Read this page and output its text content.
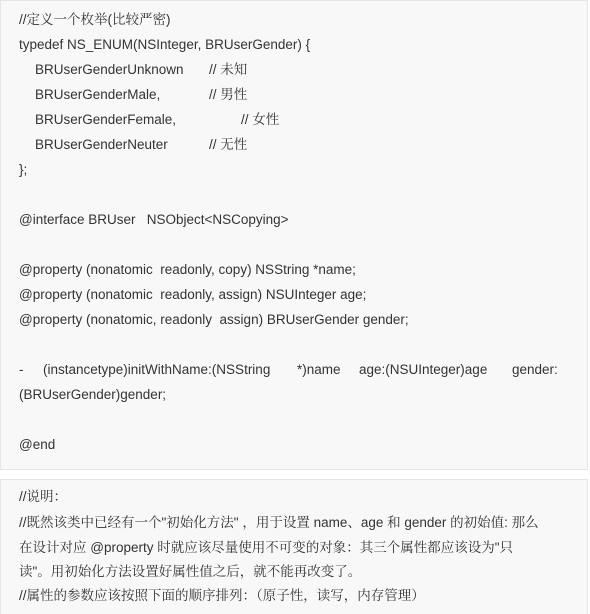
//定义一个枚举(比较严密)
typedef NS_ENUM(NSInteger, BRUserGender) {
BRUserGenderUnknown // 未知
BRUserGenderMale,	// 男性
BRUserGenderFemale,	// 女性
BRUserGenderNeuter	// 无性
};
@interface BRUser   NSObject<NSCopying>
@property (nonatomic  readonly, copy) NSString *name;
@property (nonatomic  readonly, assign) NSUInteger age;
@property (nonatomic, readonly  assign) BRUserGender gender;
- (instancetype)initWithName:(NSString *)name age:(NSUInteger)age gender:
(BRUserGender)gender;
@end
//说明：
//既然该类中已经有一个"初始化方法" ，用于设置 name、age 和 gender 的初始值: 那么
在设计对应 @property 时就应该尽量使用不可变的对象：其三个属性都应该设为"只
读"。用初始化方法设置好属性值之后，就不能再改变了。
//属性的参数应该按照下面的顺序排列：（原子性，读写，内存管理）
